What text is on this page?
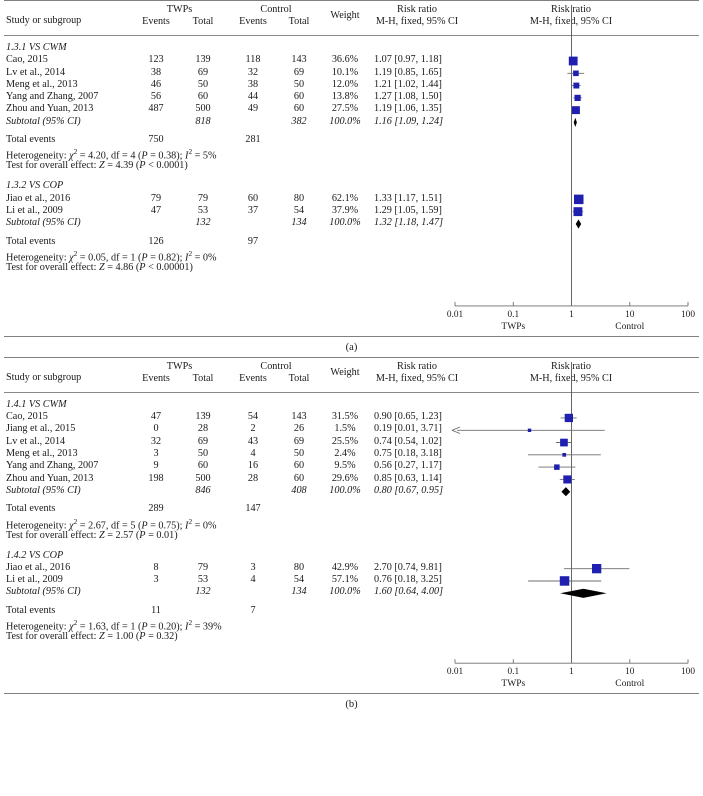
Study or subgroup
TWPs	Control
Events	Total	Events	Total
Weight
Risk ratio
M-H, fixed, 95% CI
Risk ratio
M-H, fixed, 95% CI
1.3.1 VS CWM
Cao, 2015	123	139	118	143	36.6%	1.07 [0.97, 1.18]
Lv et al., 2014	38	69	32	69	10.1%	1.19 [0.85, 1.65]
Meng et al., 2013	46	50	38	50	12.0%	1.21 [1.02, 1.44]
Yang and Zhang, 2007	56	60	44	60	13.8%	1.27 [1.08, 1.50]
Zhou and Yuan, 2013	487	500	49	60	27.5%	1.19 [1.06, 1.35]
Subtotal (95% CI)	818	382	100.0%	1.16 [1.09, 1.24]
Total events	750	281
Heterogeneity: $\chi^2 = 4.20$, df = 4 (P = 0.38); $I^2 = 5\%$
Test for overall effect: Z = 4.39 (P < 0.0001)
1.3.2 VS COP
Jiao et al., 2016	79	79	60	80	62.1%	1.33 [1.17, 1.51]
Li et al., 2009	47	53	37	54	37.9%	1.29 [1.05, 1.59]
Subtotal (95% CI)	132	134	100.0%	1.32 [1.18, 1.47]
Total events	126	97
Heterogeneity: $\chi^2 = 0.05$, df = 1 (P = 0.82); $I^2 = 0\%$
Test for overall effect: Z = 4.86 (P < 0.00001)
0.01	0.1	1	10	100
TWPs	Control
(a)
Study or subgroup
TWPs	Control
Events	Total	Events	Total
Weight
Risk ratio
M-H, fixed, 95% CI
Risk ratio
M-H, fixed, 95% CI
1.4.1 VS CWM
Cao, 2015	47	139	54	143	31.5%	0.90 [0.65, 1.23]
Jiang et al., 2015	0	28	2	26	1.5%	0.19 [0.01, 3.71]
Lv et al., 2014	32	69	43	69	25.5%	0.74 [0.54, 1.02]
Meng et al., 2013	3	50	4	50	2.4%	0.75 [0.18, 3.18]
Yang and Zhang, 2007	9	60	16	60	9.5%	0.56 [0.27, 1.17]
Zhou and Yuan, 2013	198	500	28	60	29.6%	0.85 [0.63, 1.14]
Subtotal (95% CI)	846	408	100.0%	0.80 [0.67, 0.95]
Total events	289	147
Heterogeneity: $\chi^2 = 2.67$, df = 5 (P = 0.75); $I^2 = 0\%$
Test for overall effect: Z = 2.57 (P = 0.01)
1.4.2 VS COP
Jiao et al., 2016	8	79	3	80	42.9%	2.70 [0.74, 9.81]
Li et al., 2009	3	53	4	54	57.1%	0.76 [0.18, 3.25]
Subtotal (95% CI)	132	134	100.0%	1.60 [0.64, 4.00]
Total events	11	7
Heterogeneity: $\chi^2 = 1.63$, df = 1 (P = 0.20); $I^2 = 39\%$
Test for overall effect: Z = 1.00 (P = 0.32)
0.01	0.1	1	10	100
TWPs	Control
(b)
